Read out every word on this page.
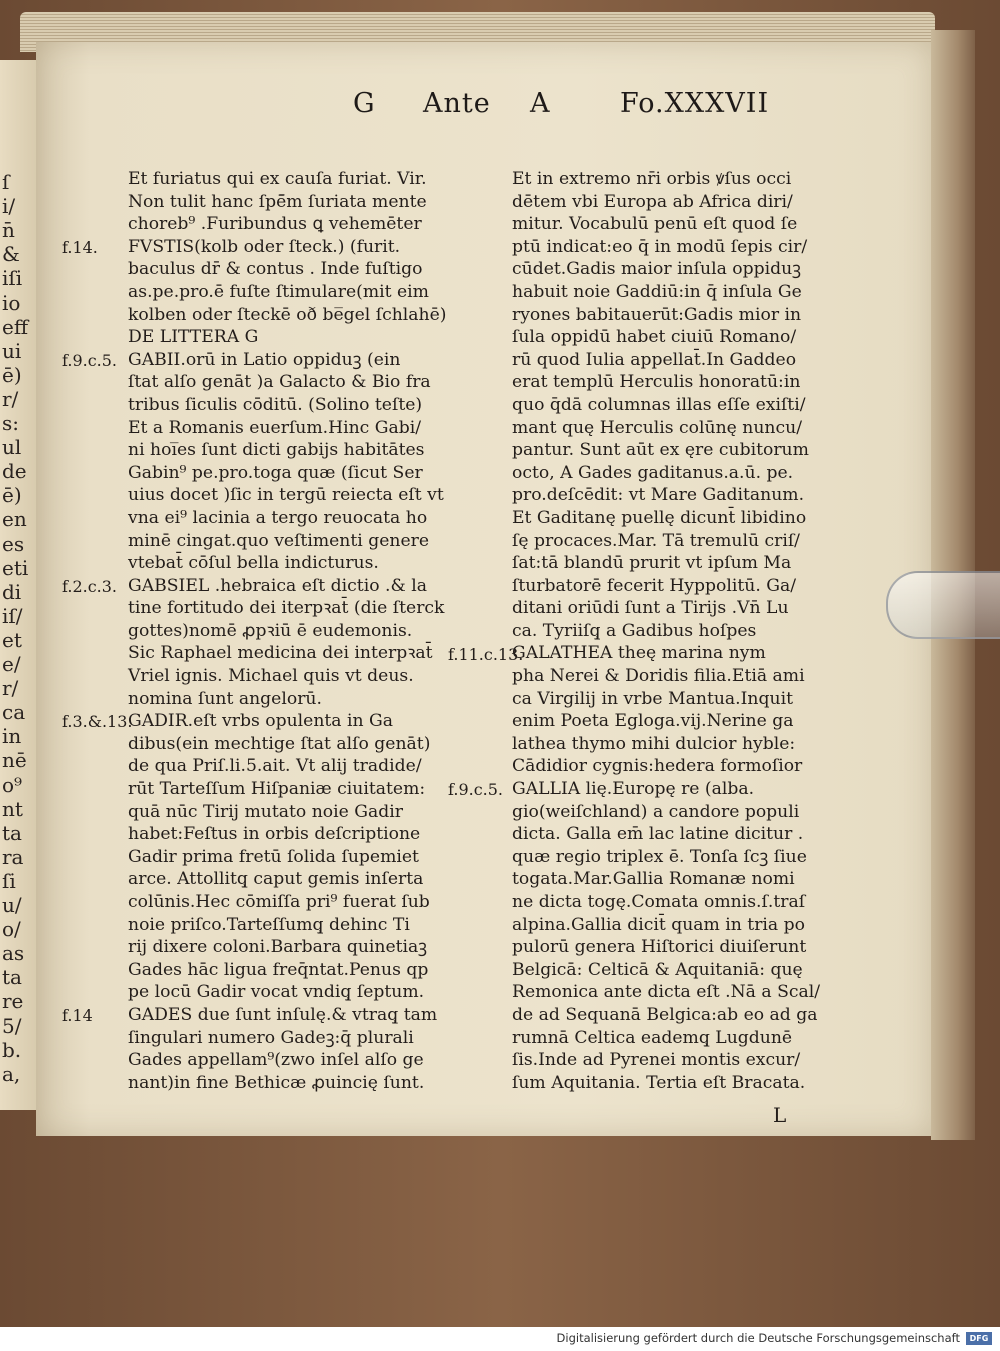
ſ
i/
n̄
&
iſi
io
eff
ui
ē)
r/
s:
ul
de
ē)
en
es
eti
di
iſ/
et
e/
r/
ca
in
nē
o⁹
nt
ta
ra
ſi
u/
o/
as
ta
re
5/
b.
a,
G Ante A	Fo.XXXVII
Et furiatus qui ex cauſa furiat. Vir.
Non tulit hanc ſpē̄m ſuriata mente
choreb⁹ .Furibundus ꝗ vehemēter
FVSTIS(kolb oder ſteck.) (furit.
baculus dr̄ & contus . Inde fuſtigo
as.pe.pro.ē fuſte ſtimulare(mit eim
kolben oder ſteckē oð be̅gel ſchlahē)
DE LITTERA G
GABII.orū in Latio oppiduꝫ (ein
ſtat alſo genāt )a Galacto & Bio fra
tribus ſiculis cōditū. (Solino teſte)
Et a Romanis euerſum.Hinc Gabi/
ni hoi̅es ſunt dicti gabijs habitātes
Gabin⁹ pe.pro.toga quæ (ſicut Ser
uius docet )ſic in tergū reiecta eſt vt
vna ei⁹ lacinia a tergo reuocata ho
minē cingat.quo veſtimenti genere
vtebat̄ cōſul bella indicturus.
GABSIEL .hebraica eſt dictio .& la
tine fortitudo dei iterpꝛat̄ (die ſterck
gottes)nomē ꝓpꝛiū ē eudemonis.
Sic Raphael medicina dei interpꝛat̄
Vriel ignis. Michael quis vt deus.
nomina ſunt angelorū.
GADIR.eſt vrbs opulenta in Ga
dibus(ein mechtige ſtat alſo genāt)
de qua Priſ.li.5.ait. Vt alij tradide/
rūt Tarteſſum Hiſpaniæ ciuitatem:
quā nūc Tirij mutato noie Gadir
habet:Feſtus in orbis deſcriptione
Gadir prima fretū ſolida ſupemiet
arce. Attollitq̧ caput gemis inſerta
colūnis.Hec cōmiſſa pri⁹ fuerat ſub
noie priſco.Tarteſſumq̧ dehinc Ti
rij dixere coloni.Barbara quinetiaꝫ
Gades hāc ligua freq̄ntat.Penus qp
pe locū Gadir vocat vndiq̧ ſeptum.
GADES due ſunt inſulę.& vtraq̧ tam
ſingulari numero Gadeꝫ:q̄ plurali
Gades appellam⁹(zwo inſel alſo ge
nant)in fine Bethicæ ꝓuincię ſunt.
Et in extremo nr̄i orbis ꝟſus occi
dētem vbi Europa ab Africa diri/
mitur. Vocabulū penū eſt quod ſe
ptū indicat:eo q̄ in modū ſepis cir/
cūdet.Gadis maior inſula oppiduꝫ
habuit noie Gaddiū:in q̄ inſula Ge
ryones babitauerūt:Gadis mior in
ſula oppidū habet ciuiū Romano/
rū quod Iulia appellat̄.In Gaddeo
erat templū Herculis honoratū:in
quo q̄dā columnas illas eſſe exiſti/
mant quę Herculis colūnę nuncu/
pantur. Sunt aūt ex ęre cubitorum
octo, A Gades gaditanus.a.ū. pe.
pro.deſcēdit: vt Mare Gaditanum.
Et Gaditanę puellę dicunt̄ libidino
ſę procaces.Mar. Tā tremulū criſ/
ſat:tā blandū prurit vt ipſum Ma
ſturbatorē fecerit Hyppolitū. Ga/
ditani oriūdi ſunt a Tirijs .Vn̄ Lu
ca. Tyriiſq̧ a Gadibus hoſpes
GALATHEA theę marina nym
pha Nerei & Doridis filia.Etiā ami
ca Virgilij in vrbe Mantua.Inquit
enim Poeta Egloga.vij.Nerine ga
lathea thymo mihi dulcior hyble:
Cādidior cygnis:hedera formoſior
GALLIA lię.Europę re (alba.
gio(weiſchland) a candore populi
dicta. Galla em̄ lac latine dicitur .
quæ regio triplex ē. Tonſa ſcꝫ ſiue
togata.Mar.Gallia Romanæ nomi
ne dicta togę.Comata omnis.ſ.traſ
alpina.Gallia dicit̄ quam in tria po
pulorū genera Hiſtorici diuiſerunt
Belgicā: Celticā & Aquitaniā: quę
Remonica ante dicta eſt .Nā a Scal/
de ad Sequanā Belgica:ab eo ad ga
rumnā Celtica eademq̧ Lugdunē
ſis.Inde ad Pyrenei montis excur/
ſum Aquitania. Tertia eſt Bracata.
f.14.
f.9.c.5.
f.2.c.3.
f.3.&.13.
f.14
f.11.c.13.
f.9.c.5.
L
Digitalisierung gefördert durch die Deutsche Forschungsgemeinschaft	DFG
